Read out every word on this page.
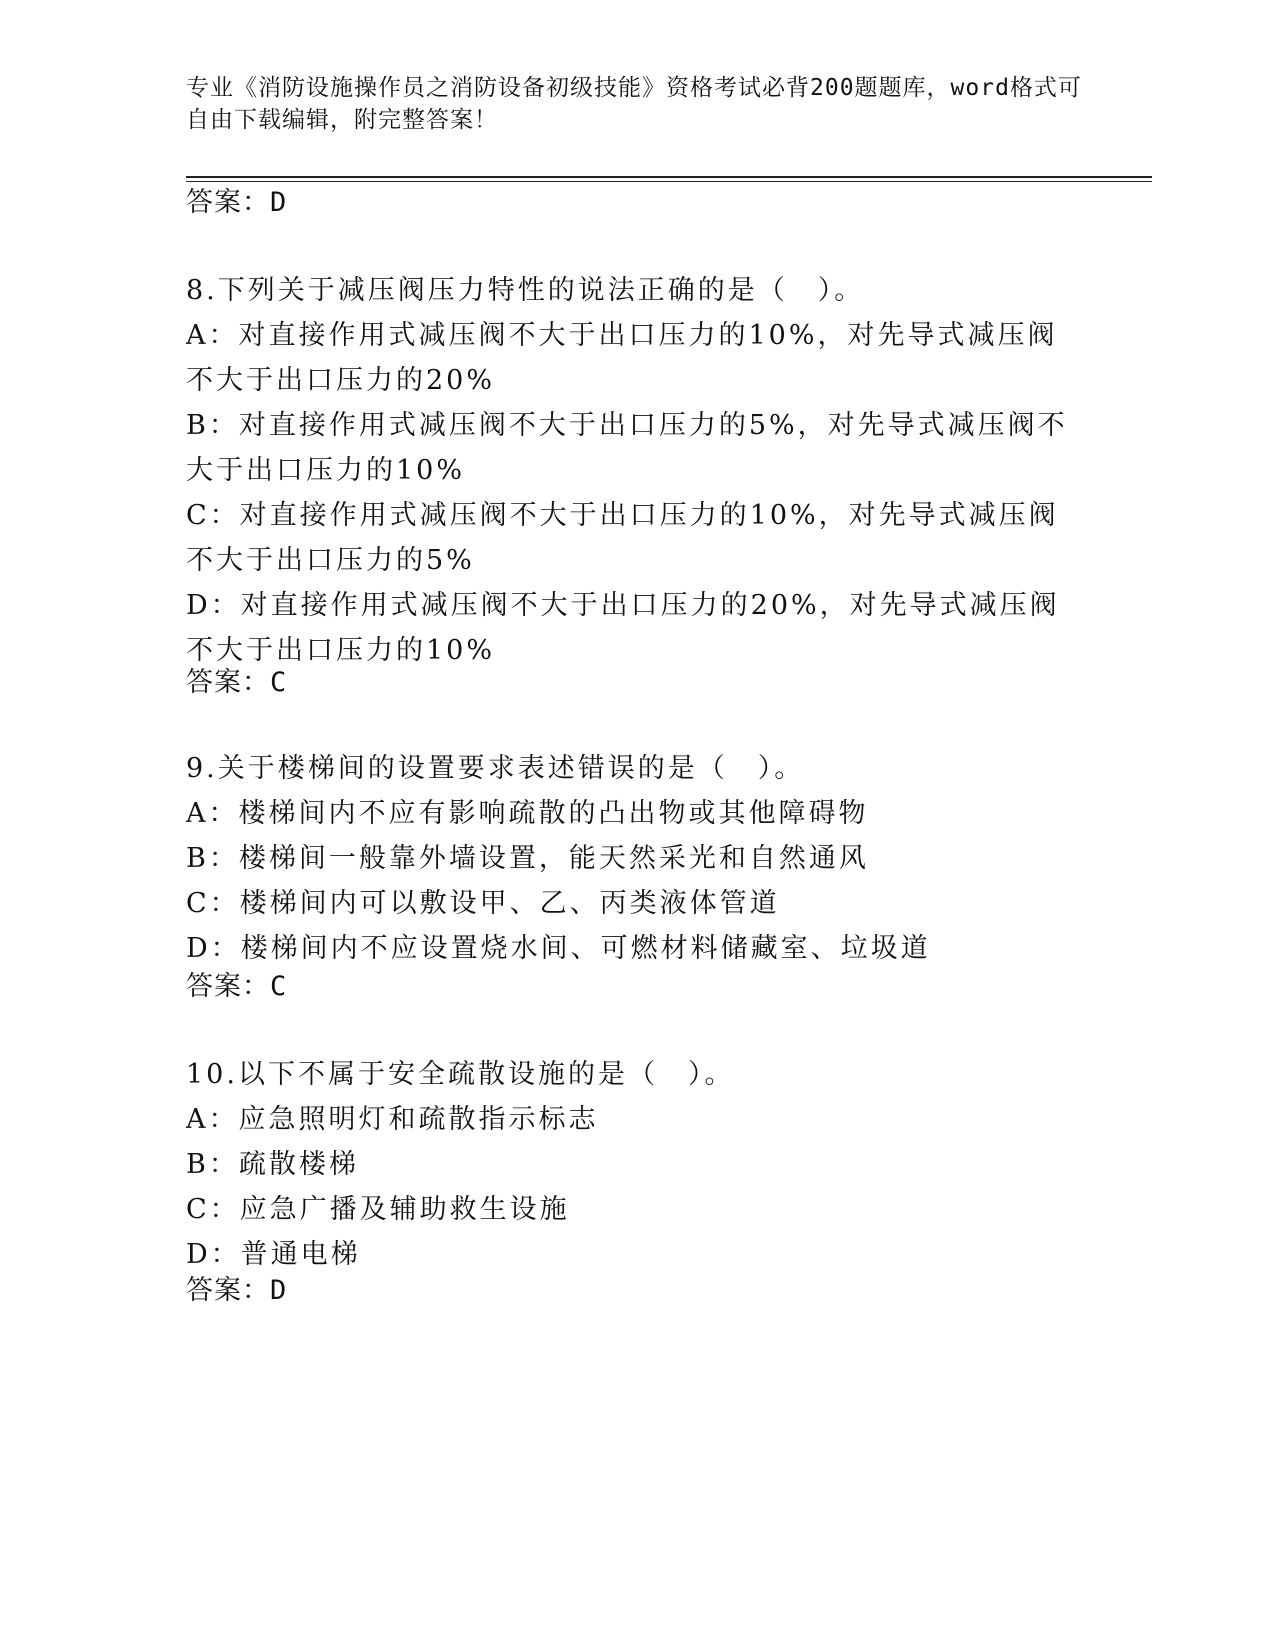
专业《消防设施操作员之消防设备初级技能》资格考试必背200题题库，word格式可自由下载编辑，附完整答案！
答案：D
8.下列关于减压阀压力特性的说法正确的是（　）。
A：对直接作用式减压阀不大于出口压力的10%，对先导式减压阀不大于出口压力的20%
B：对直接作用式减压阀不大于出口压力的5%，对先导式减压阀不大于出口压力的10%
C：对直接作用式减压阀不大于出口压力的10%，对先导式减压阀不大于出口压力的5%
D：对直接作用式减压阀不大于出口压力的20%，对先导式减压阀不大于出口压力的10%
答案：C
9.关于楼梯间的设置要求表述错误的是（　）。
A：楼梯间内不应有影响疏散的凸出物或其他障碍物
B：楼梯间一般靠外墙设置，能天然采光和自然通风
C：楼梯间内可以敷设甲、乙、丙类液体管道
D：楼梯间内不应设置烧水间、可燃材料储藏室、垃圾道
答案：C
10.以下不属于安全疏散设施的是（　）。
A：应急照明灯和疏散指示标志
B：疏散楼梯
C：应急广播及辅助救生设施
D：普通电梯
答案：D
